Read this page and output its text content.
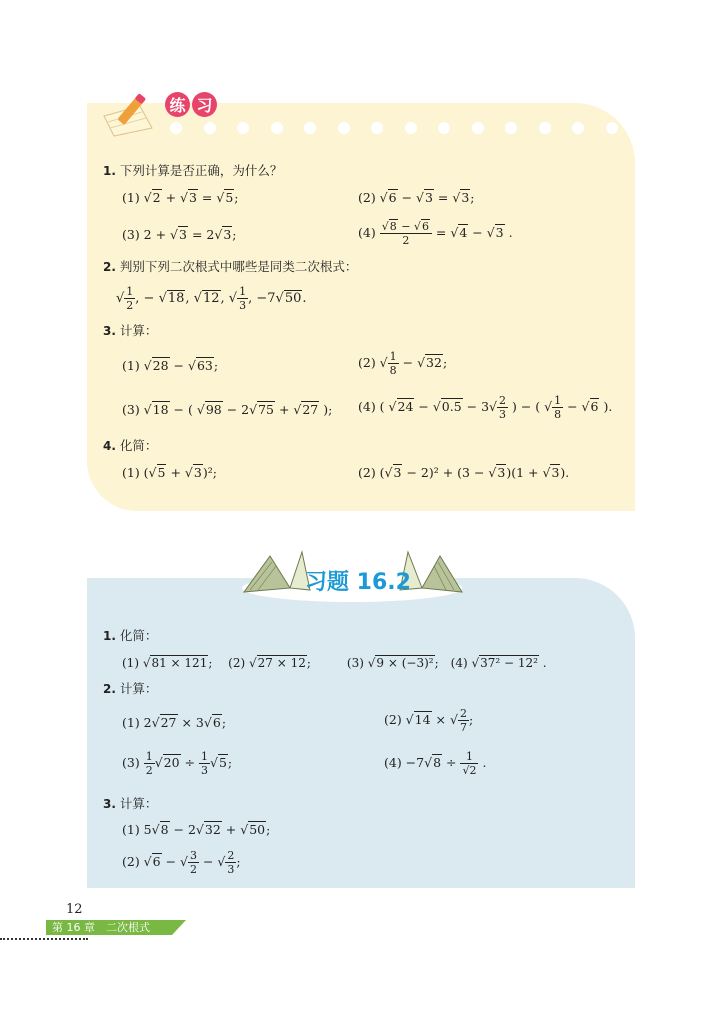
练 习
1. 下列计算是否正确，为什么？
(1) √2 + √3 = √5;	(2) √6 − √3 = √3;
(3) 2 + √3 = 2√3;	$(4) \frac{√8 - √6}{2} = √4 - √3$ .
2. 判别下列二次根式中哪些是同类二次根式：
√ $\frac{1}{2}$ , − √18, √12, √ $\frac{1}{3}$ , −7√50.
3. 计算：
(1) √28 − √63;	(2) √ $\frac{1}{8} - √32$;
(3) √18 − ( √98 − 2√75 + √27 ); (4) ( $√24 - √0.5 - 3√ \frac{2}{3}$ ) − ( √ $\frac{1}{8} - √6$ ).
4. 化简：
(1) (√5 + √3)²;	(2) (√3 − 2)² + (3 − √3)(1 + √3).
习题 16.2
1. 化简：
(1) √81 × 121;　 (2) √27 × 12;　　　(3) √9 × (−3)²;　(4) √37² − 12² .
2. 计算：
(1) 2√27 × 3√6;	(2) √14 × √ $\frac{2}{7}$ ;
$(3) \frac{1}{2} √20 \div \frac{1}{3} √5$;	$(4) -7√8 \div \frac{1}{√2}$ .
3. 计算：
(1) 5√8 − 2√32 + √50;
(2) √6 − √ $\frac{3}{2}$ − √ $\frac{2}{3}$ ;
12
第 16 章　二次根式
